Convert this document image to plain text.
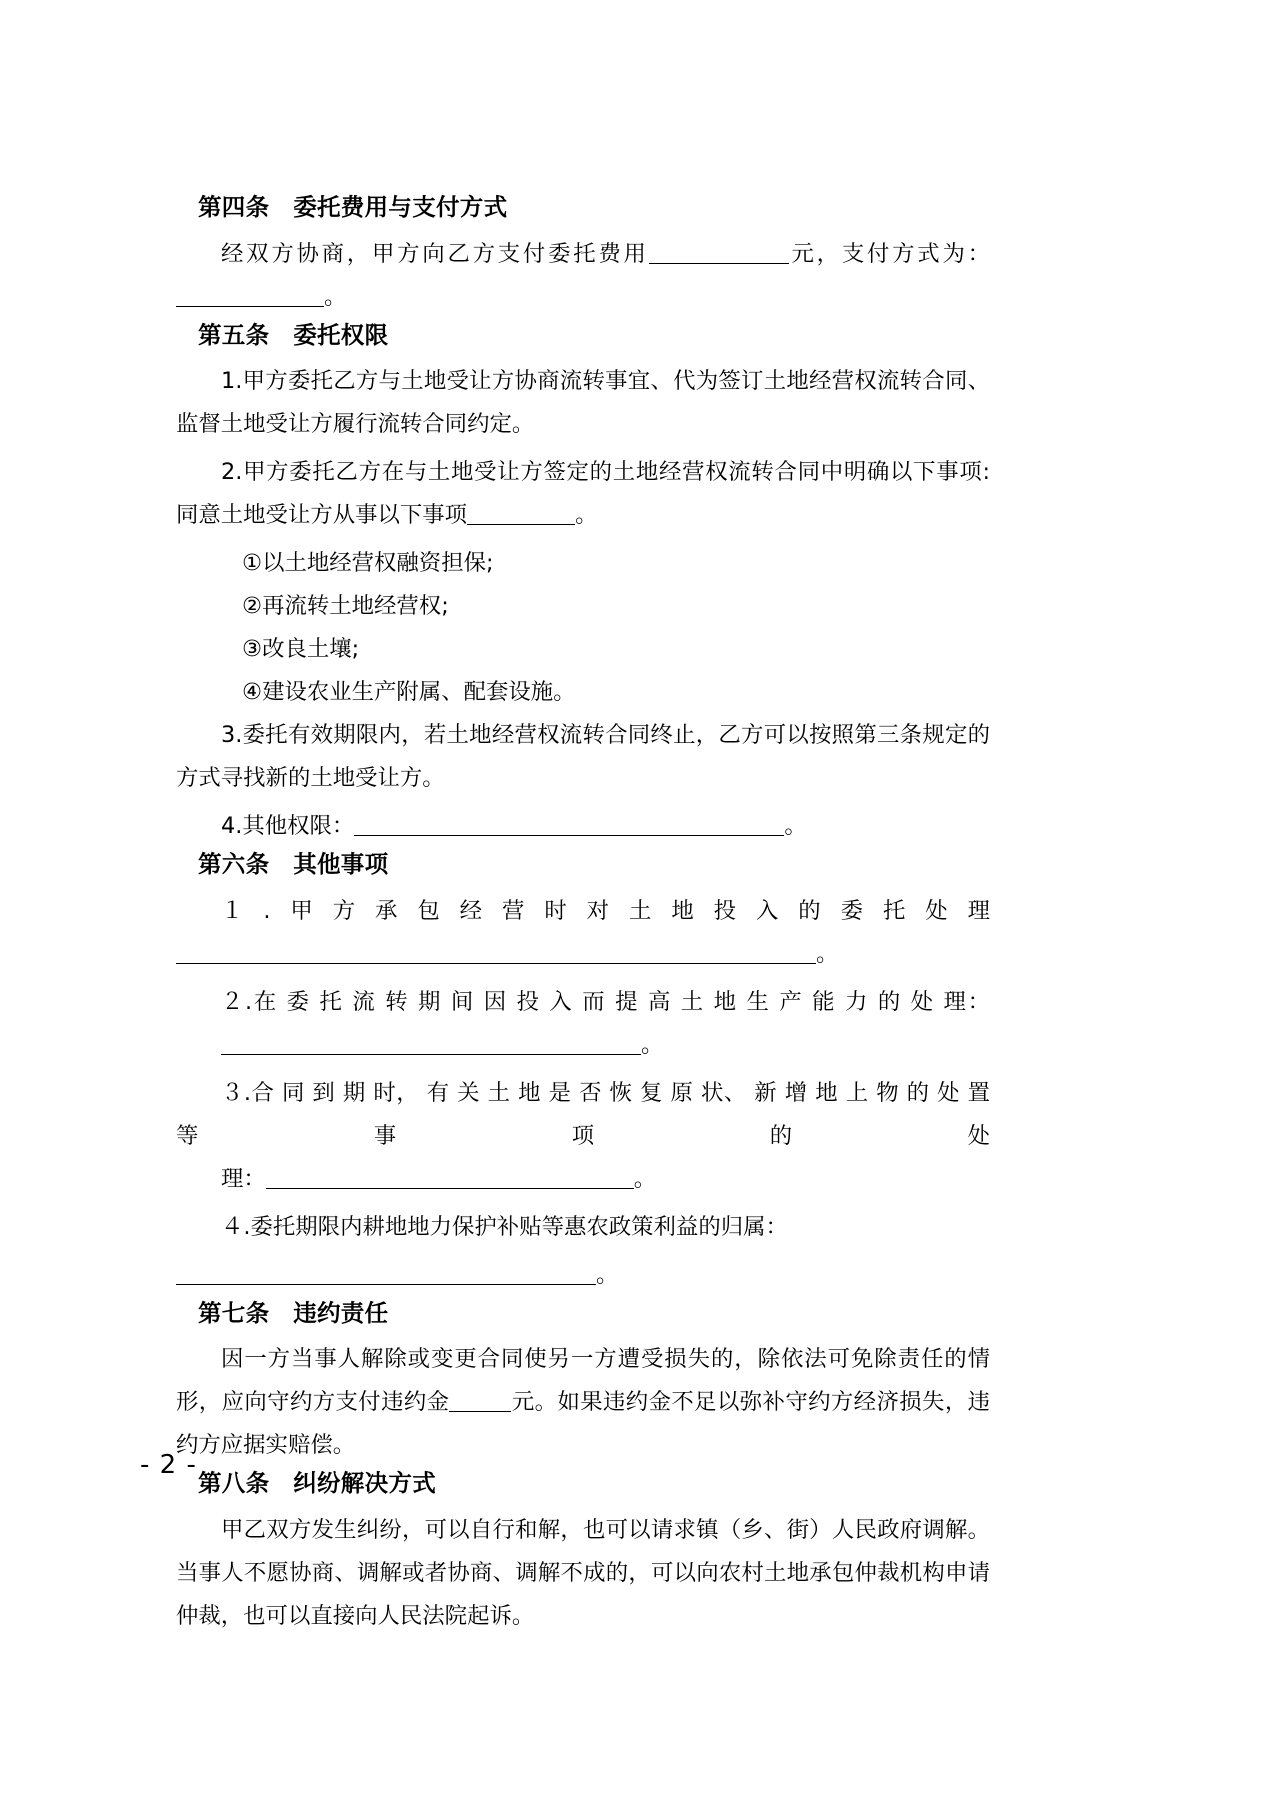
第四条　委托费用与支付方式

经双方协商，甲方向乙方支付委托费用	元，支付方式为：。

第五条　委托权限

1.甲方委托乙方与土地受让方协商流转事宜、代为签订土地经营权流转合同、监督土地受让方履行流转合同约定。

2.甲方委托乙方在与土地受让方签定的土地经营权流转合同中明确以下事项: 同意土地受让方从事以下事项	。

①以土地经营权融资担保;

②再流转土地经营权;

③改良土壤;

④建设农业生产附属、配套设施。

3.委托有效期限内，若土地经营权流转合同终止，乙方可以按照第三条规定的方式寻找新的土地受让方。

4.其他权限：	。

第六条　其他事项

１.甲方承包经营时对土地投入的委托处理。

２.在 委 托 流 转 期 间 因 投 入 而 提 高 土 地 生 产 能 力 的 处 理：
。

３.合 同 到 期 时， 有 关 土 地 是 否 恢 复 原 状、 新 增 地 上 物 的 处 置 等 事 项 的 处
理：	。

４.委托期限内耕地地力保护补贴等惠农政策利益的归属：

。

第七条　违约责任

因一方当事人解除或变更合同使另一方遭受损失的，除依法可免除责任的情形，应向守约方支付违约金	元。如果违约金不足以弥补守约方经济损失，违约方应据实赔偿。

第八条　纠纷解决方式

甲乙双方发生纠纷，可以自行和解，也可以请求镇（乡、街）人民政府调解。当事人不愿协商、调解或者协商、调解不成的，可以向农村土地承包仲裁机构申请仲裁，也可以直接向人民法院起诉。

- 2 -
